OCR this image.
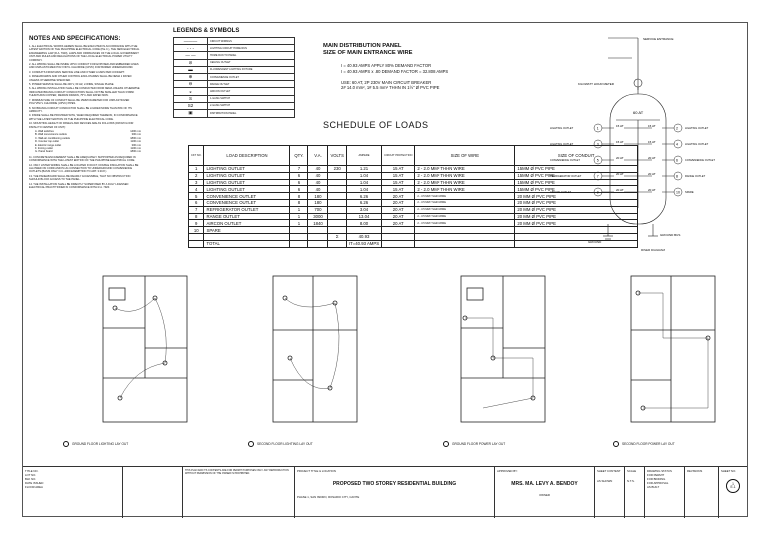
NOTES AND SPECIFICATIONS:

1. ALL ELECTRICAL WORKS HEREIN SHALL BE EXECUTED IN ACCORDANCE WITH THE LATEST EDITION OF THE PHILIPPINE ELECTRICAL CODE (P.E.C.), THE NEW ELECTRICAL ENGINEERING LAW (R.A. 7920), LAWS AND ORDINANCES OF THE LOCAL GOVERNMENT UNIT AND RULES AND REGULATIONS OF THE LOCAL ELECTRICAL POWER UTILITY COMPANY.

2. ALL WIRING SHALL BE INSIDE UPVC CONDUIT FOR EXPOSED AND EMBEDDED LINES AND UNPLASTICIZED POLYVINYL CHLORIDE (UPVC) FOR BURIED UNDERGROUND.

3. CONDUITS FROM MAIN SERVICE LINE AND OTHER LOADS PER CONCEPT.

4. PANELBOARDS AND OTHER CONTROL ENCLOSURES SHALL BE NEMA 1 RATED UNLESS OTHERWISE SPECIFIED.

5. POWER SERVICE SHALL BE 230 V, 60 HZ, 2-WIRE, SINGLE PHASE.

6. ALL WIRING INSTALLATION SHALL BE CONDUCTED FROM NEMA UNLESS OTHERWISE INDICATED BRANCH CIRCUIT CONDUCTORS SHALL NOT BE SMALLER THAN 3.5MM² THHN/THWN COPPER, MEDIUM DRAWN, 75°C AND RATED 600V.

7. MINIMUM SIZE OF CONDUIT SHALL BE 15MM DIAMETER FOR UNPLASTICIZED POLYVINYL CHLORIDE (UPVC) PIPES.

8. NO BRANCH CIRCUIT CONDUCTOR SHALL BE LOADED MORE THAN 80% OF ITS AMPACITY.

9. INSIDE SHALL BE PROVIDED WITH, WHEN REQUIRED THEREON, IN CONFORMANCE WITH THE LATEST EDITION OF THE PHILIPPINE ELECTRICAL CODE.

10. MOUNTING HEIGHT OF PANELS AND DEVICES ARE AS FOLLOWS (FROM FLOOR FINISH TO CENTER OF UNIT):

A. Wall switches	1400 mm
B. Wall convenience outlets	300 mm
C. Wall-air conditioning outlets	1800 mm
D. Counter top outlet	1100 mm
E. Electric range outlet	300 mm
F. Ironing outlet	1100 mm
G. Panel board	1800 mm

11. CONCRETE ENCASEMENT SHALL BE ADEQUATELY SUPPORTED AS REQUIRED IN CONFORMANCE WITH THE LATEST EDITION OF THE PHILIPPINE ELECTRICAL CODE.

12. ONLY LISTED WIRING SHALL BE LOCATED IN DUCT, DOUBLE INSULATION SHALL BE ALLOWED ON CORD AND PLUG CONNECTION TO UNDERGROUND CONVENIENCE OUTLETS (BASIS ONLY O.C.-2009 EXEMPTION TO ART. 3.30.8.)

13. THE PANELBOARD SHALL BE READILY ACCESSIBLE, THAT NO OBSTRUCTION SHOULD BLOCK ACCESS TO THE PANEL.

14. THE INSTALLATION SHALL BE DIRECTLY SUPERVISED BY A DULY LICENSED ELECTRICAL PRACTITIONER IN CONFORMANCE WITH R.A. 7920.

LEGENDS & SYMBOLS
———	CIRCUIT WIRINGS
- - -	LIGHTING CIRCUIT HOME RUN
— —	HOME RUN TO PANEL
⊘	CEILING OUTLET
▬	FLUORESCENT LIGHTING FIXTURE
⊕	CONVENIENCE OUTLET
⊖	RANGE OUTLET
◒	AIRCON OUTLET
S	1-GANG SWITCH
S2	2-GANG SWITCH
▣	DISTRIBUTION PANEL
MAIN DISTRIBUTION PANEL
SIZE OF MAIN ENTRANCE WIRE
I = 40.93 AMPS APPLY 80% DEMAND FACTOR
I = 40.93 AMPS x .80 DEMAND FACTOR = 32.808 AMPS
USE: 60 AT, 2P 230V MAIN CIRCUIT BREAKER
2# 14.0 mm², 1# 5.5 mm² THHN IN 1½" Ø PVC PIPE
SCHEDULE OF LOADS
CKT NO.	LOAD DESCRIPTION	QTY.	V.A.	VOLTS	AMPERE	CIRCUIT PROTECTION	SIZE OF WIRE	SIZE OF CONDUIT
1	LIGHTING OUTLET	7	40	230	1.21	15 AT	2 - 2.0 MM² THHN WIRE	15MM Ø PVC PIPE
2	LIGHTING OUTLET	6	40		1.04	15 AT	2 - 2.0 MM² THHN WIRE	15MM Ø PVC PIPE
3	LIGHTING OUTLET	6	40		1.04	15 AT	2 - 2.0 MM² THHN WIRE	15MM Ø PVC PIPE
4	LIGHTING OUTLET	6	40		1.04	15 AT	2 - 2.0 MM² THHN WIRE	15MM Ø PVC PIPE
5	CONVENIENCE OUTLET	8	180		6.26	20 AT	2 - 3.5 MM² THHN WIRE	20 MM Ø PVC PIPE
6	CONVENIENCE OUTLET	8	180		6.26	20 AT	2 - 3.5 MM² THHN WIRE	20 MM Ø PVC PIPE
7	REFRIGERATOR OUTLET	1	700		3.04	20 AT	2 - 3.5 MM² THHN WIRE	20 MM Ø PVC PIPE
8	RANGE OUTLET	1	3000		13.04	20 AT	2 - 3.5 MM² THHN WIRE	20 MM Ø PVC PIPE
9	AIRCON OUTLET	1	1840		8.00	20 AT	2 - 3.5 MM² THHN WIRE	20 MM Ø PVC PIPE
10	SPARE							
				Σ	40.93			
	TOTAL				IT=40.93 AMPS			
SERVICE ENTRANCE
KILOWATT HOUR METER
60 AT
GROUND
GROUND BUS
1
15 AT
LIGHTING OUTLET	2
15 AT
LIGHTING OUTLET
3
15 AT
LIGHTING OUTLET	4
15 AT
LIGHTING OUTLET
5
20 AT
CONVENIENCE OUTLET	6
20 AT
CONVENIENCE OUTLET
7
20 AT
REFRIGERATOR OUTLET	8
20 AT
RANGE OUTLET
9
20 AT
AIRCON OUTLET	10
20 AT
SPARE
RISER DIAGRAM
GROUND FLOOR LIGHTING LAY OUT	SECOND FLOOR LIGHTING LAY OUT	GROUND FLOOR POWER LAY OUT	SECOND FLOOR POWER LAY OUT
TITLE NO.
LOT NO.
BLK NO.
DATE ISSUED
FLOOR AREA
THIS PLAN AND ITS CONTENTS ARE FOR PERMIT PURPOSES ONLY. ANY REPRODUCTION WITHOUT PERMISSION OF THE OWNER IS PROHIBITED.
PROJECT TITLE & LOCATION
PROPOSED TWO STOREY RESIDENTIAL BUILDING
PHASE 1, SAN ISIDRO, ROSARIO CITY, CAVITE
APPROVED BY:
MRS. MA. LEVY A. BENDOY
OWNER
SHEET CONTENT
AS SHOWN
SCALE
N.T.S.
DRAWING STATUS
FOR PERMIT
FOR BIDDING
FOR APPROVAL
AS BUILT
REVISIONS	SHEET NO.
1
E-1
